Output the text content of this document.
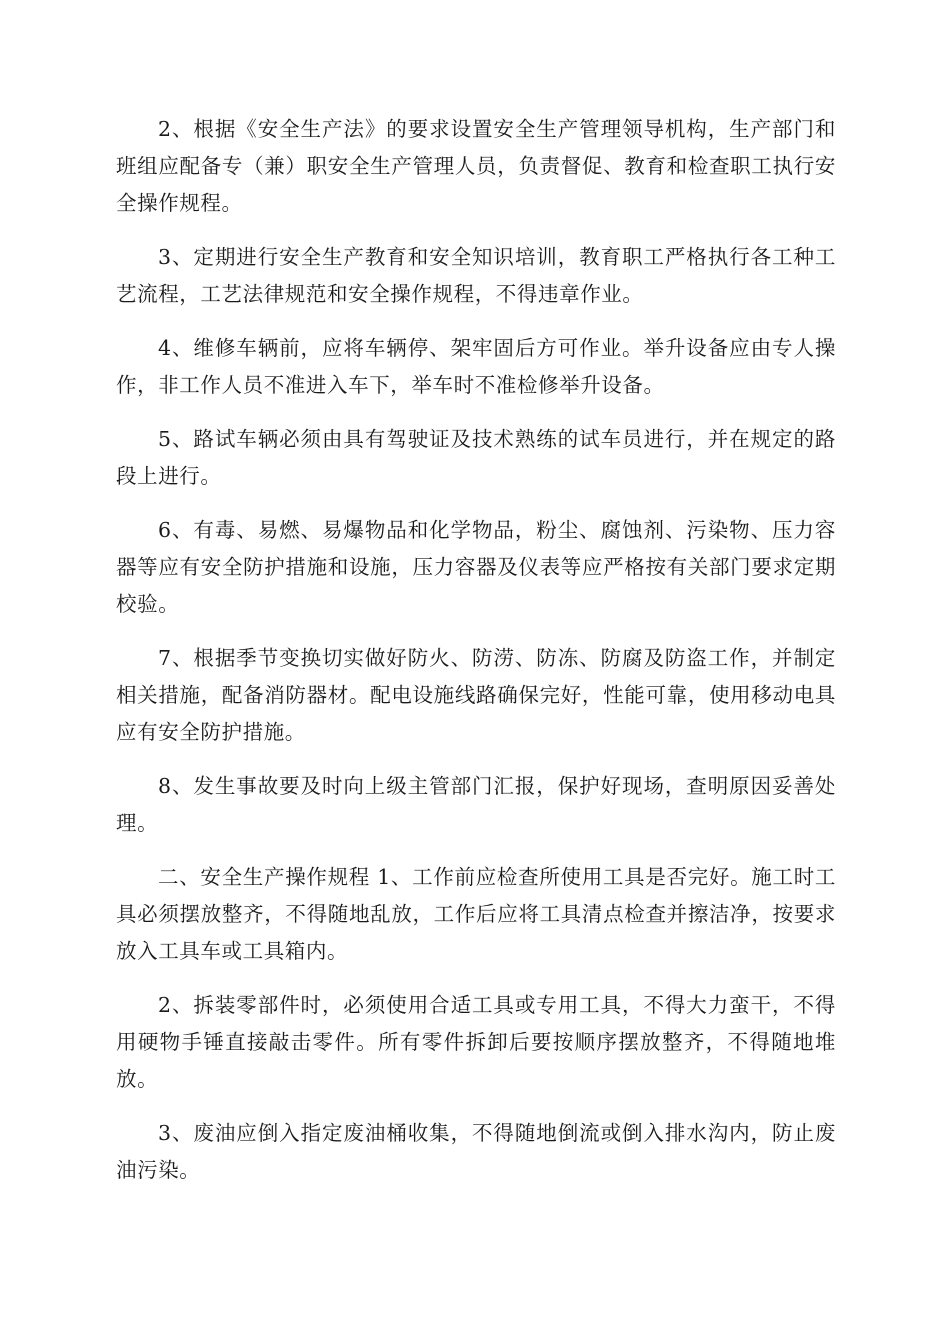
2、根据《安全生产法》的要求设置安全生产管理领导机构，生产部门和班组应配备专（兼）职安全生产管理人员，负责督促、教育和检查职工执行安全操作规程。

3、定期进行安全生产教育和安全知识培训，教育职工严格执行各工种工艺流程，工艺法律规范和安全操作规程，不得违章作业。

4、维修车辆前，应将车辆停、架牢固后方可作业。举升设备应由专人操作，非工作人员不准进入车下，举车时不准检修举升设备。

5、路试车辆必须由具有驾驶证及技术熟练的试车员进行，并在规定的路段上进行。

6、有毒、易燃、易爆物品和化学物品，粉尘、腐蚀剂、污染物、压力容器等应有安全防护措施和设施，压力容器及仪表等应严格按有关部门要求定期校验。

7、根据季节变换切实做好防火、防涝、防冻、防腐及防盗工作，并制定相关措施，配备消防器材。配电设施线路确保完好，性能可靠，使用移动电具应有安全防护措施。

8、发生事故要及时向上级主管部门汇报，保护好现场，查明原因妥善处理。

二、安全生产操作规程 1、工作前应检查所使用工具是否完好。施工时工具必须摆放整齐，不得随地乱放，工作后应将工具清点检查并擦洁净，按要求放入工具车或工具箱内。

2、拆装零部件时，必须使用合适工具或专用工具，不得大力蛮干，不得用硬物手锤直接敲击零件。所有零件拆卸后要按顺序摆放整齐，不得随地堆放。

3、废油应倒入指定废油桶收集，不得随地倒流或倒入排水沟内，防止废油污染。
